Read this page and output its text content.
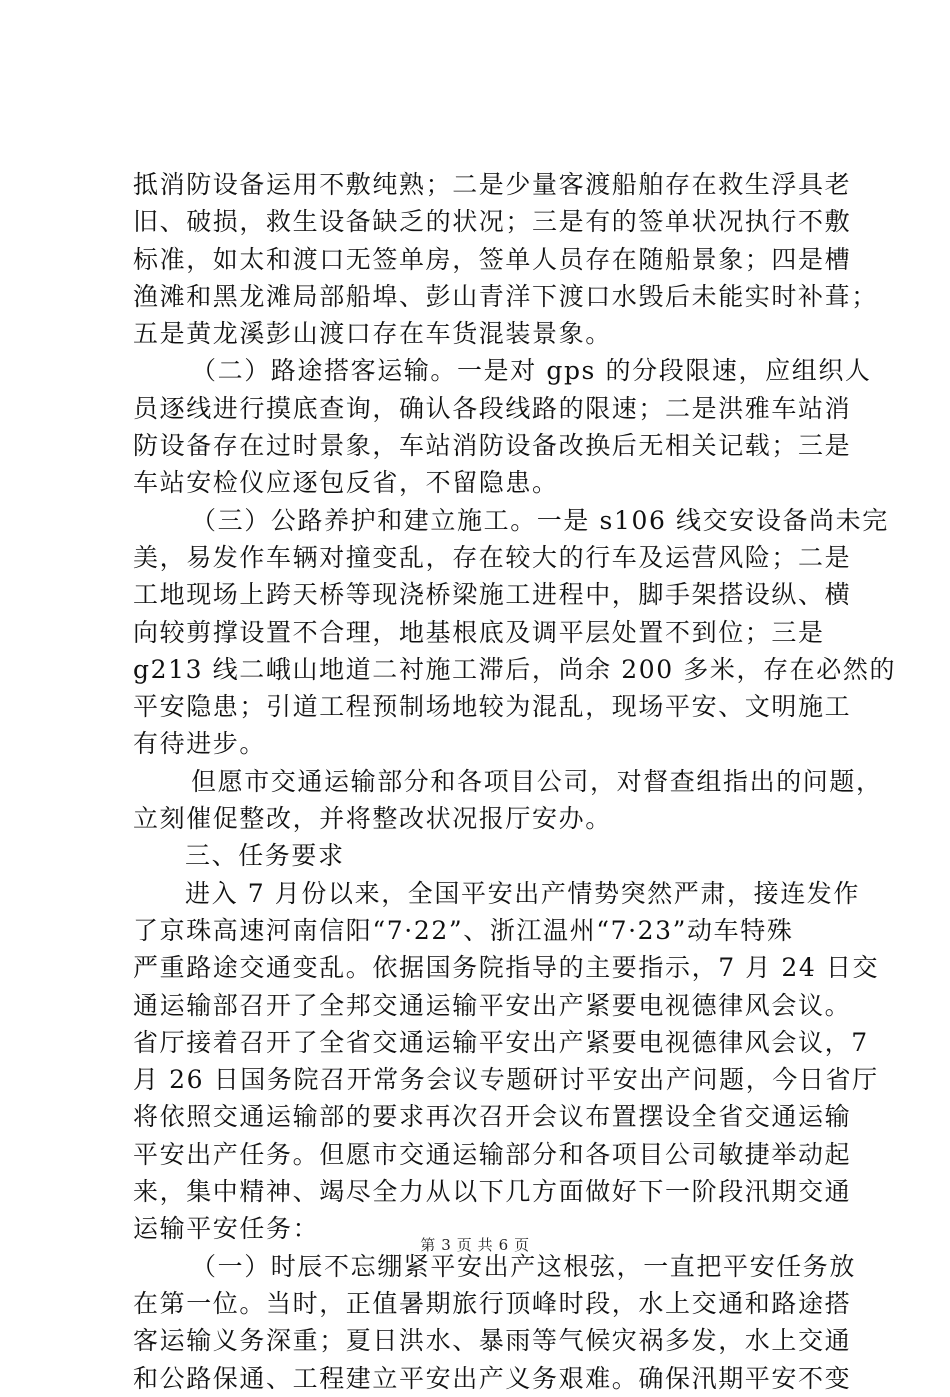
抵消防设备运用不敷纯熟；二是少量客渡船舶存在救生浮具老
旧、破损，救生设备缺乏的状况；三是有的签单状况执行不敷
标准，如太和渡口无签单房，签单人员存在随船景象；四是槽
渔滩和黑龙滩局部船埠、彭山青洋下渡口水毁后未能实时补葺；
五是黄龙溪彭山渡口存在车货混装景象。
（二）路途搭客运输。一是对 gps 的分段限速，应组织人
员逐线进行摸底查询，确认各段线路的限速；二是洪雅车站消
防设备存在过时景象，车站消防设备改换后无相关记载；三是
车站安检仪应逐包反省，不留隐患。
（三）公路养护和建立施工。一是 s106 线交安设备尚未完
美，易发作车辆对撞变乱，存在较大的行车及运营风险；二是
工地现场上跨天桥等现浇桥梁施工进程中，脚手架搭设纵、横
向较剪撑设置不合理，地基根底及调平层处置不到位；三是
g213 线二峨山地道二衬施工滞后，尚余 200 多米，存在必然的
平安隐患；引道工程预制场地较为混乱，现场平安、文明施工
有待进步。
但愿市交通运输部分和各项目公司，对督查组指出的问题，
立刻催促整改，并将整改状况报厅安办。
三、任务要求
进入 7 月份以来，全国平安出产情势突然严肃，接连发作
了京珠高速河南信阳“7·22”、浙江温州“7·23”动车特殊
严重路途交通变乱。依据国务院指导的主要指示，7 月 24 日交
通运输部召开了全邦交通运输平安出产紧要电视德律风会议。
省厅接着召开了全省交通运输平安出产紧要电视德律风会议，7
月 26 日国务院召开常务会议专题研讨平安出产问题，今日省厅
将依照交通运输部的要求再次召开会议布置摆设全省交通运输
平安出产任务。但愿市交通运输部分和各项目公司敏捷举动起
来，集中精神、竭尽全力从以下几方面做好下一阶段汛期交通
运输平安任务：
（一）时辰不忘绷紧平安出产这根弦，一直把平安任务放
在第一位。当时，正值暑期旅行顶峰时段，水上交通和路途搭
客运输义务深重；夏日洪水、暴雨等气候灾祸多发，水上交通
和公路保通、工程建立平安出产义务艰难。确保汛期平安不变
第 3 页 共 6 页
